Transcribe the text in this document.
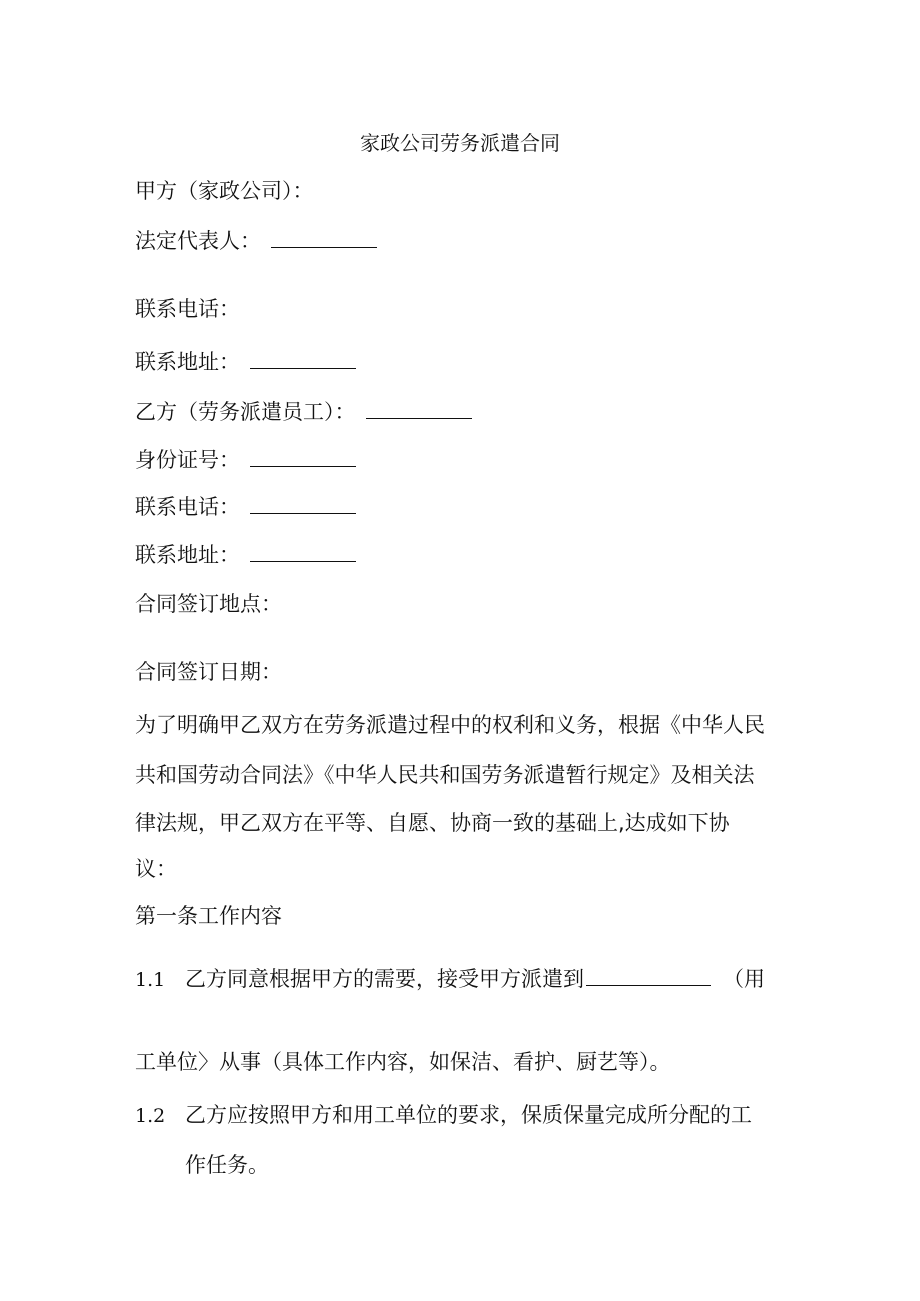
家政公司劳务派遣合同

甲方（家政公司）：

法定代表人：

联系电话：

联系地址：

乙方（劳务派遣员工）：

身份证号：

联系电话：

联系地址：

合同签订地点：

合同签订日期：

为了明确甲乙双方在劳务派遣过程中的权利和义务，根据《中华人民

共和国劳动合同法》《中华人民共和国劳务派遣暂行规定》及相关法

律法规，甲乙双方在平等、自愿、协商一致的基础上,达成如下协

议：

第一条工作内容

1.1 乙方同意根据甲方的需要，接受甲方派遣到	（用

工单位〉从事（具体工作内容，如保洁、看护、厨艺等）。

1.2 乙方应按照甲方和用工单位的要求，保质保量完成所分配的工

作任务。
